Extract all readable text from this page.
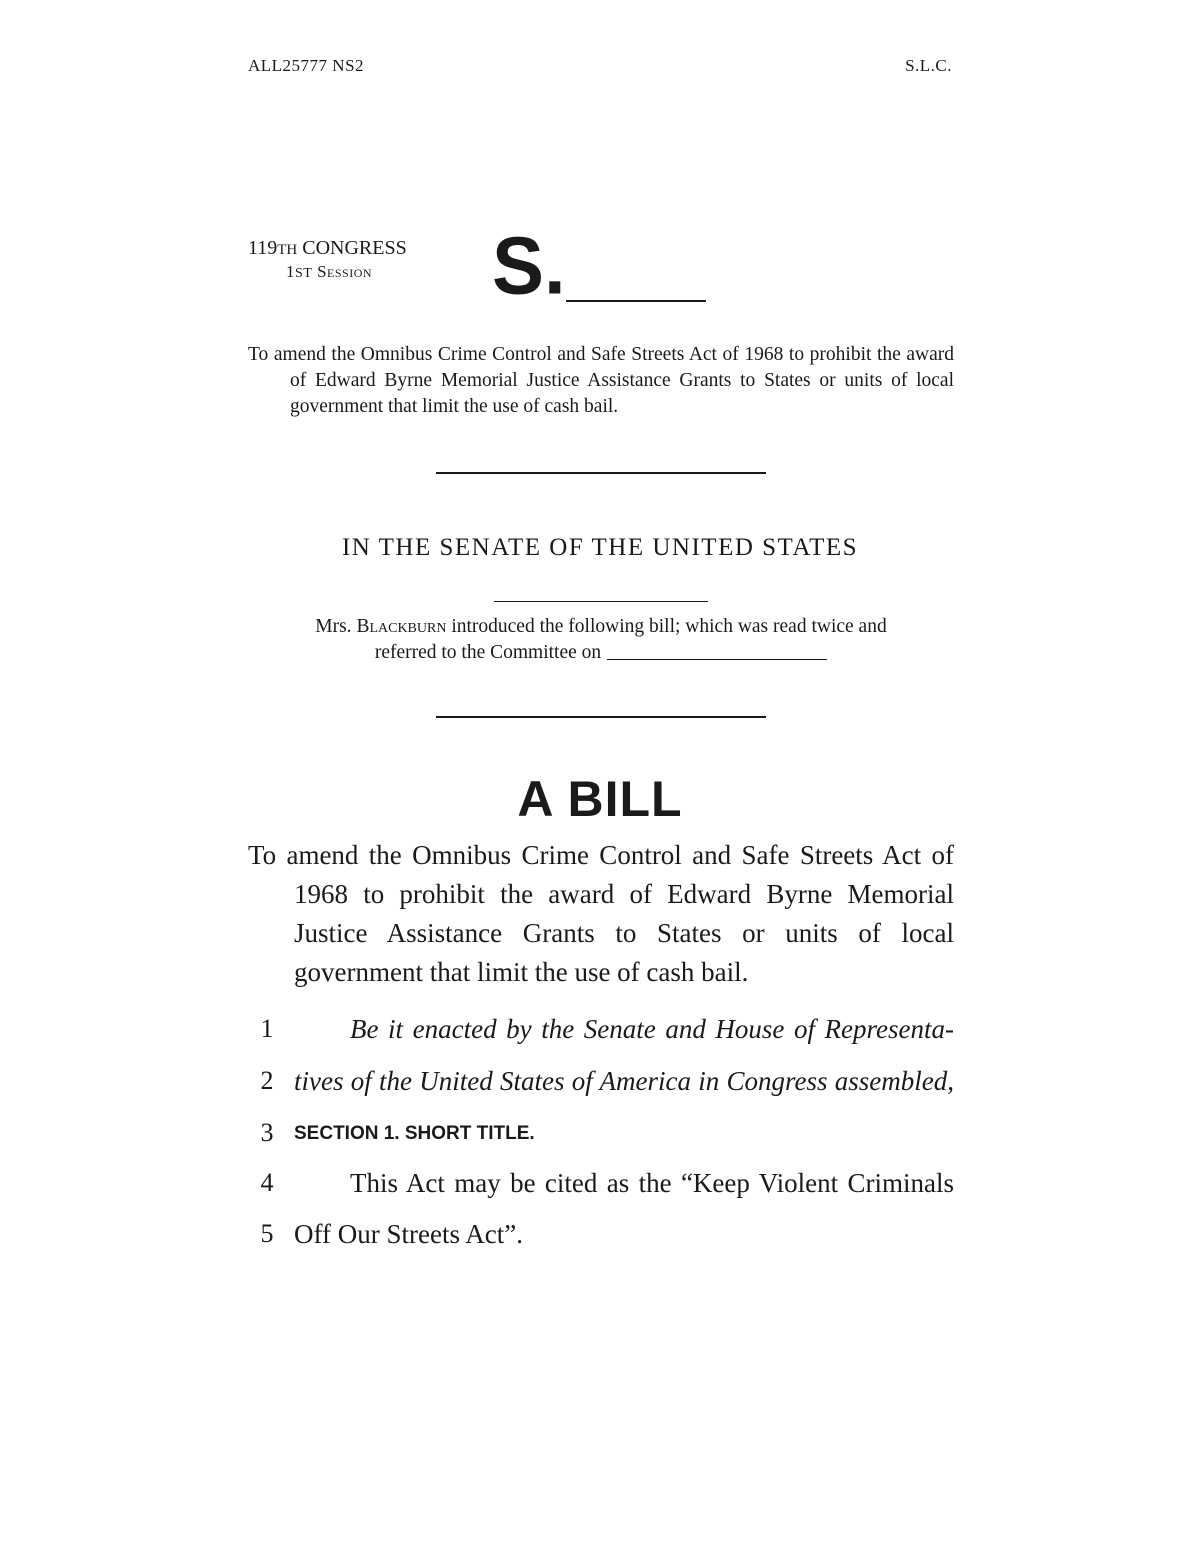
ALL25777 NS2	S.L.C.
119TH CONGRESS
1ST Session S.
To amend the Omnibus Crime Control and Safe Streets Act of 1968 to prohibit the award of Edward Byrne Memorial Justice Assistance Grants to States or units of local government that limit the use of cash bail.
IN THE SENATE OF THE UNITED STATES
Mrs. Blackburn introduced the following bill; which was read twice and
referred to the Committee on
A BILL
To amend the Omnibus Crime Control and Safe Streets Act of 1968 to prohibit the award of Edward Byrne Memorial Justice Assistance Grants to States or units of local government that limit the use of cash bail.
1	Be it enacted by the Senate and House of Representa-
2 tives of the United States of America in Congress assembled,
3 SECTION 1. SHORT TITLE.
4	This Act may be cited as the “Keep Violent Criminals
5 Off Our Streets Act”.
